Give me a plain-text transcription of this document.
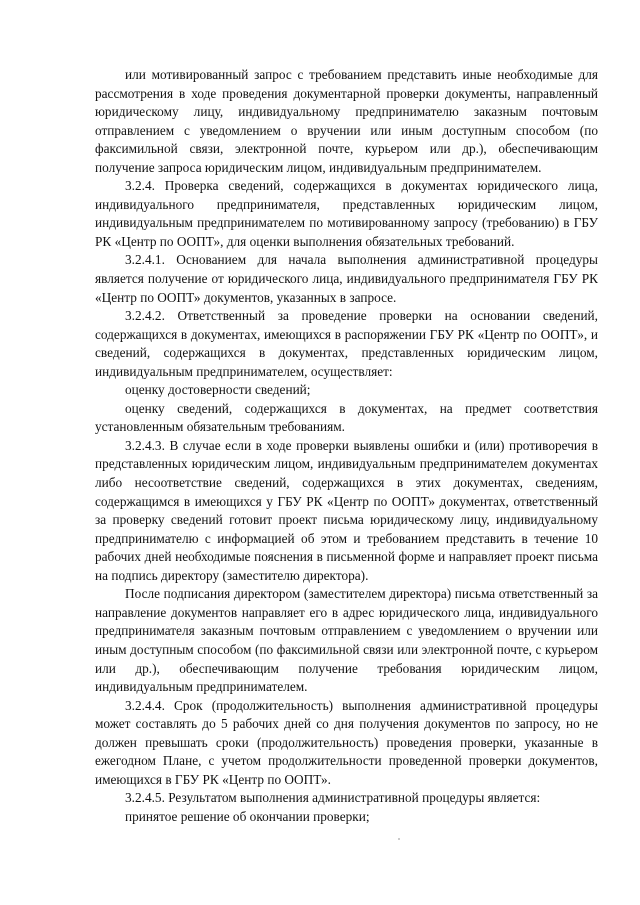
или мотивированный запрос с требованием представить иные необходимые для рассмотрения в ходе проведения документарной проверки документы, направленный юридическому лицу, индивидуальному предпринимателю заказным почтовым отправлением с уведомлением о вручении или иным доступным способом (по факсимильной связи, электронной почте, курьером или др.), обеспечивающим получение запроса юридическим лицом, индивидуальным предпринимателем.

3.2.4. Проверка сведений, содержащихся в документах юридического лица, индивидуального предпринимателя, представленных юридическим лицом, индивидуальным предпринимателем по мотивированному запросу (требованию) в ГБУ РК «Центр по ООПТ», для оценки выполнения обязательных требований.

3.2.4.1. Основанием для начала выполнения административной процедуры является получение от юридического лица, индивидуального предпринимателя ГБУ РК «Центр по ООПТ» документов, указанных в запросе.

3.2.4.2. Ответственный за проведение проверки на основании сведений, содержащихся в документах, имеющихся в распоряжении ГБУ РК «Центр по ООПТ», и сведений, содержащихся в документах, представленных юридическим лицом, индивидуальным предпринимателем, осуществляет:

оценку достоверности сведений;

оценку сведений, содержащихся в документах, на предмет соответствия установленным обязательным требованиям.

3.2.4.3. В случае если в ходе проверки выявлены ошибки и (или) противоречия в представленных юридическим лицом, индивидуальным предпринимателем документах либо несоответствие сведений, содержащихся в этих документах, сведениям, содержащимся в имеющихся у ГБУ РК «Центр по ООПТ» документах, ответственный за проверку сведений готовит проект письма юридическому лицу, индивидуальному предпринимателю с информацией об этом и требованием представить в течение 10 рабочих дней необходимые пояснения в письменной форме и направляет проект письма на подпись директору (заместителю директора).

После подписания директором (заместителем директора) письма ответственный за направление документов направляет его в адрес юридического лица, индивидуального предпринимателя заказным почтовым отправлением с уведомлением о вручении или иным доступным способом (по факсимильной связи или электронной почте, с курьером или др.), обеспечивающим получение требования юридическим лицом, индивидуальным предпринимателем.

3.2.4.4. Срок (продолжительность) выполнения административной процедуры может составлять до 5 рабочих дней со дня получения документов по запросу, но не должен превышать сроки (продолжительность) проведения проверки, указанные в ежегодном Плане, с учетом продолжительности проведенной проверки документов, имеющихся в ГБУ РК «Центр по ООПТ».

3.2.4.5. Результатом выполнения административной процедуры является:

принятое решение об окончании проверки;
